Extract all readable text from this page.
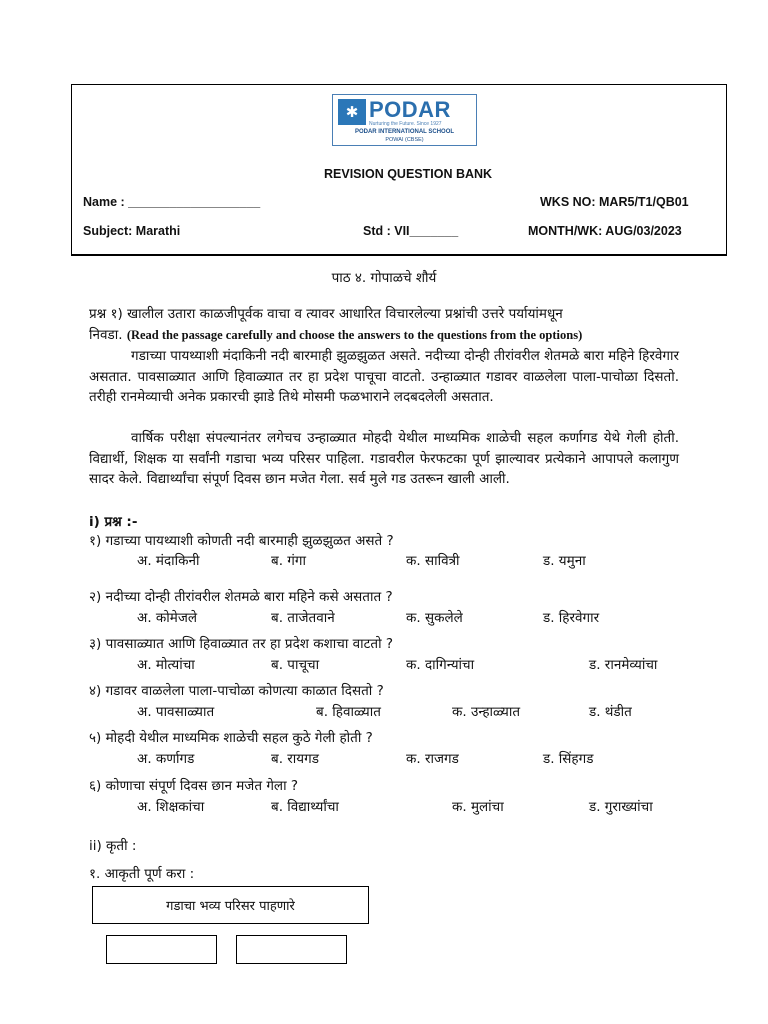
✱ PODAR
Nurturing the Future. Since 1927
PODAR INTERNATIONAL SCHOOL
POWAI (CBSE)
REVISION QUESTION BANK
Name : ___________________	WKS NO: MAR5/T1/QB01
Subject: Marathi	Std : VII_______	MONTH/WK: AUG/03/2023
पाठ ४. गोपाळचे शौर्य
प्रश्न १) खालील उतारा काळजीपूर्वक वाचा व त्यावर आधारित विचारलेल्या प्रश्नांची उत्तरे पर्यायांमधून
निवडा. (Read the passage carefully and choose the answers to the questions from the options)
गडाच्या पायथ्याशी मंदाकिनी नदी बारमाही झुळझुळत असते. नदीच्या दोन्ही तीरांवरील शेतमळे बारा महिने हिरवेगार असतात. पावसाळ्यात आणि हिवाळ्यात तर हा प्रदेश पाचूचा वाटतो. उन्हाळ्यात गडावर वाळलेला पाला-पाचोळा दिसतो. तरीही रानमेव्याची अनेक प्रकारची झाडे तिथे मोसमी फळभाराने लदबदलेली असतात.
वार्षिक परीक्षा संपल्यानंतर लगेचच उन्हाळ्यात मोहदी येथील माध्यमिक शाळेची सहल कर्णागड येथे गेली होती. विद्यार्थी, शिक्षक या सर्वांनी गडाचा भव्य परिसर पाहिला. गडावरील फेरफटका पूर्ण झाल्यावर प्रत्येकाने आपापले कलागुण सादर केले. विद्यार्थ्यांचा संपूर्ण दिवस छान मजेत गेला. सर्व मुले गड उतरून खाली आली.
i) प्रश्न :-
१) गडाच्या पायथ्याशी कोणती नदी बारमाही झुळझुळत असते ?
अ. मंदाकिनी	ब. गंगा	क. सावित्री	ड. यमुना
२) नदीच्या दोन्ही तीरांवरील शेतमळे बारा महिने कसे असतात ?
अ. कोमेजले	ब. ताजेतवाने	क. सुकलेले	ड. हिरवेगार
३) पावसाळ्यात आणि हिवाळ्यात तर हा प्रदेश कशाचा वाटतो ?
अ. मोत्यांचा	ब. पाचूचा	क. दागिन्यांचा	ड. रानमेव्यांचा
४) गडावर वाळलेला पाला-पाचोळा कोणत्या काळात दिसतो ?
अ. पावसाळ्यात	ब. हिवाळ्यात	क. उन्हाळ्यात	ड. थंडीत
५) मोहदी येथील माध्यमिक शाळेची सहल कुठे गेली होती ?
अ. कर्णागड	ब. रायगड	क. राजगड	ड. सिंहगड
६) कोणाचा संपूर्ण दिवस छान मजेत गेला ?
अ. शिक्षकांचा	ब. विद्यार्थ्यांचा	क. मुलांचा	ड. गुराख्यांचा
ii) कृती :
१. आकृती पूर्ण करा :
गडाचा भव्य परिसर पाहणारे
